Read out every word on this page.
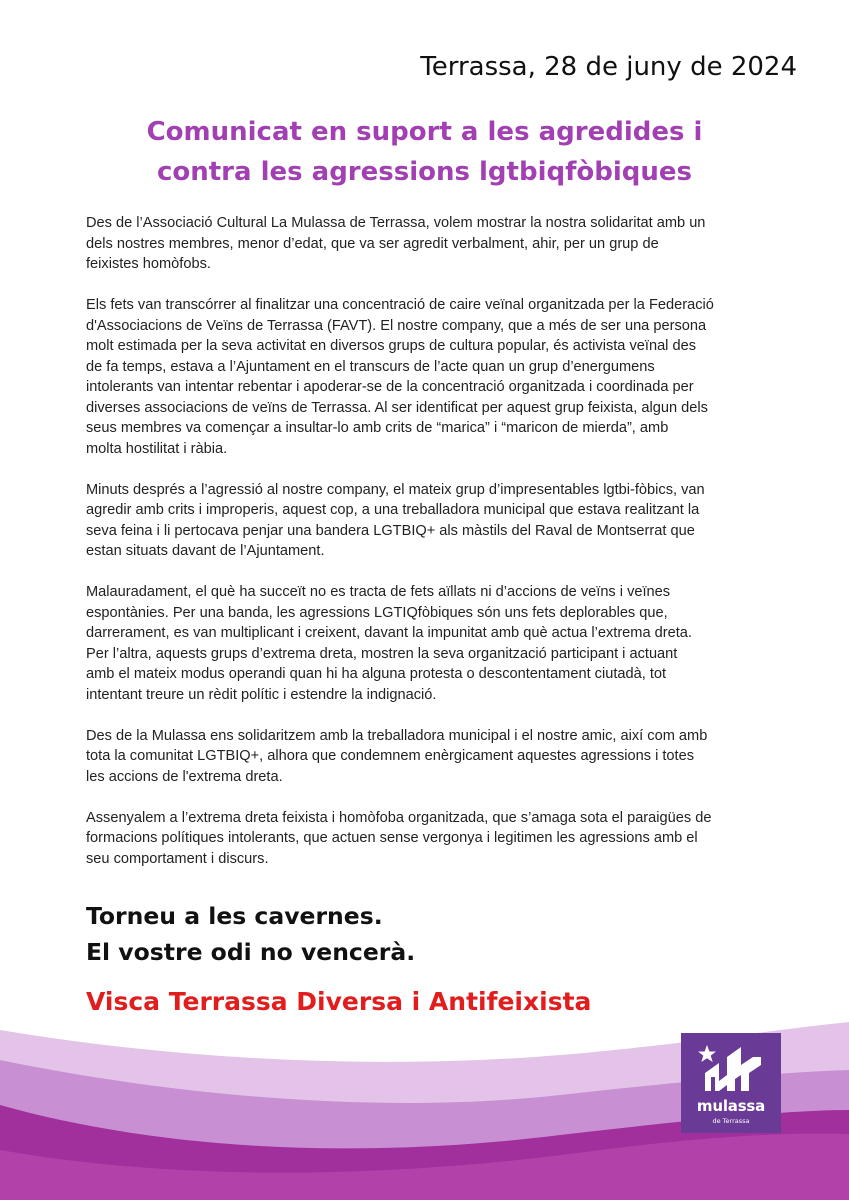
Terrassa, 28 de juny de 2024
Comunicat en suport a les agredides i
contra les agressions lgtbiqfòbiques

Des de l’Associació Cultural La Mulassa de Terrassa, volem mostrar la nostra solidaritat amb un
dels nostres membres, menor d’edat, que va ser agredit verbalment, ahir, per un grup de
feixistes homòfobs.

Els fets van transcórrer al finalitzar una concentració de caire veïnal organitzada per la Federació
d'Associacions de Veïns de Terrassa (FAVT). El nostre company, que a més de ser una persona
molt estimada per la seva activitat en diversos grups de cultura popular, és activista veïnal des
de fa temps, estava a l’Ajuntament en el transcurs de l’acte quan un grup d’energumens
intolerants van intentar rebentar i apoderar-se de la concentració organitzada i coordinada per
diverses associacions de veïns de Terrassa. Al ser identificat per aquest grup feixista, algun dels
seus membres va començar a insultar-lo amb crits de “marica” i “maricon de mierda”, amb
molta hostilitat i ràbia.

Minuts després a l’agressió al nostre company, el mateix grup d’impresentables lgtbi-fòbics, van
agredir amb crits i improperis, aquest cop, a una treballadora municipal que estava realitzant la
seva feina i li pertocava penjar una bandera LGTBIQ+ als màstils del Raval de Montserrat que
estan situats davant de l’Ajuntament.

Malauradament, el què ha succeït no es tracta de fets aïllats ni d’accions de veïns i veïnes
espontànies. Per una banda, les agressions LGTIQfòbiques són uns fets deplorables que,
darrerament, es van multiplicant i creixent, davant la impunitat amb què actua l’extrema dreta.
Per l’altra, aquests grups d’extrema dreta, mostren la seva organització participant i actuant
amb el mateix modus operandi quan hi ha alguna protesta o descontentament ciutadà, tot
intentant treure un rèdit polític i estendre la indignació.

Des de la Mulassa ens solidaritzem amb la treballadora municipal i el nostre amic, així com amb
tota la comunitat LGTBIQ+, alhora que condemnem enèrgicament aquestes agressions i totes
les accions de l'extrema dreta.

Assenyalem a l’extrema dreta feixista i homòfoba organitzada, que s’amaga sota el paraigües de
formacions polítiques intolerants, que actuen sense vergonya i legitimen les agressions amb el
seu comportament i discurs.

Torneu a les cavernes.
El vostre odi no vencerà.
Visca Terrassa Diversa i Antifeixista
mulassa
de Terrassa
